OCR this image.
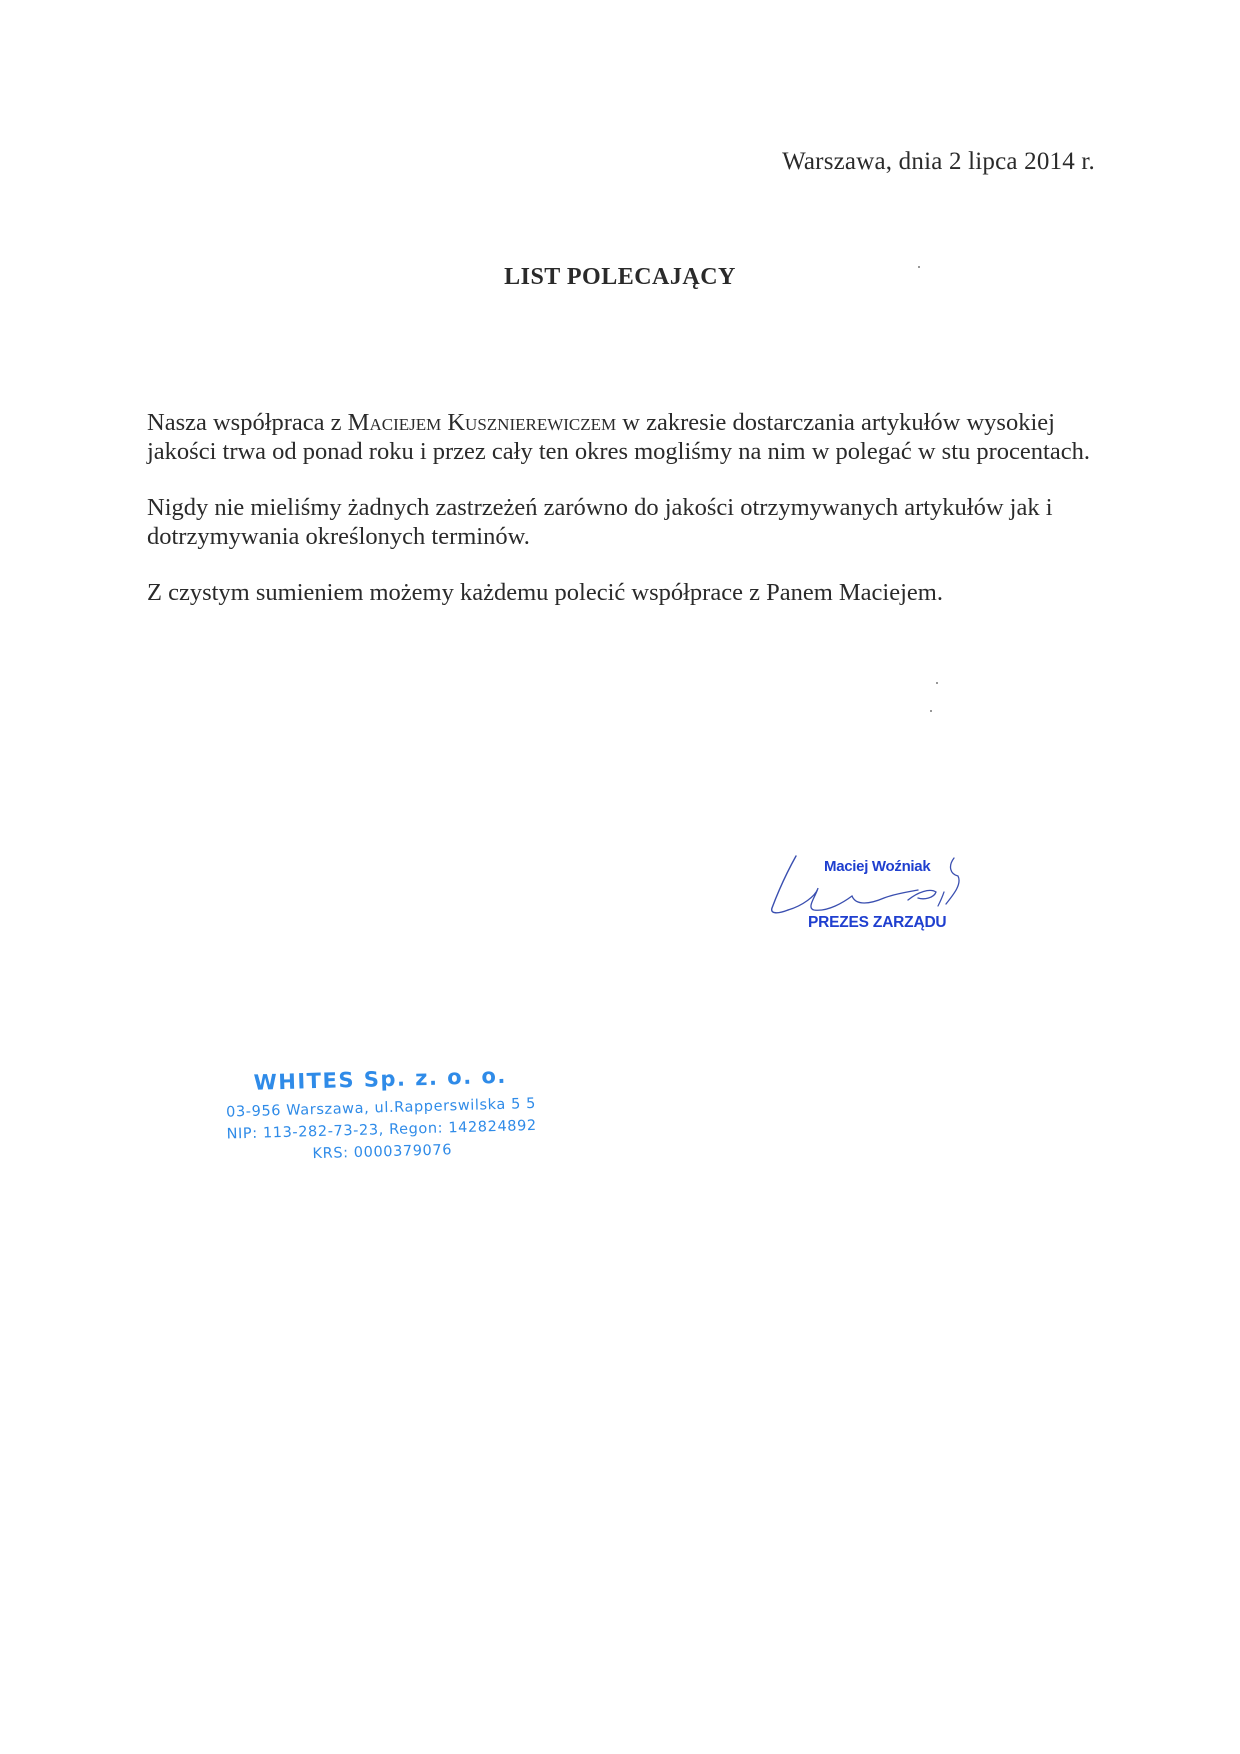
Warszawa, dnia 2 lipca 2014 r.
LIST POLECAJĄCY

Nasza współpraca z Maciejem Kusznierewiczem w zakresie dostarczania artykułów wysokiej jakości trwa od ponad roku i przez cały ten okres mogliśmy na nim w polegać w stu procentach.

Nigdy nie mieliśmy żadnych zastrzeżeń zarówno do jakości otrzymywanych artykułów jak i dotrzymywania określonych terminów.

Z czystym sumieniem możemy każdemu polecić współprace z Panem Maciejem.

Maciej Woźniak
PREZES ZARZĄDU
WHITES Sp. z. o. o.
03-956 Warszawa, ul.Rapperswilska 5 5
NIP: 113-282-73-23, Regon: 142824892
KRS: 0000379076
